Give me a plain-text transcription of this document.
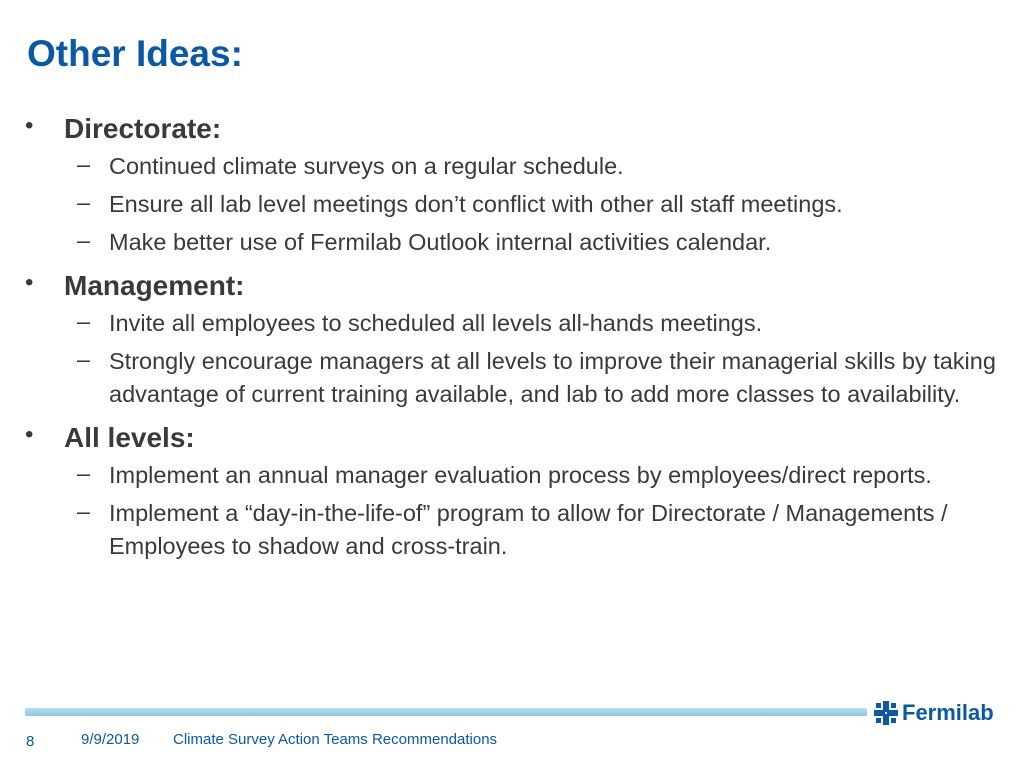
Other Ideas:

• Directorate:

– Continued climate surveys on a regular schedule.

– Ensure all lab level meetings don’t conflict with other all staff meetings.

– Make better use of Fermilab Outlook internal activities calendar.

• Management:

– Invite all employees to scheduled all levels all-hands meetings.

– Strongly encourage managers at all levels to improve their managerial skills by taking advantage of current training available, and lab to add more classes to availability.

• All levels:

– Implement an annual manager evaluation process by employees/direct reports.

– Implement a “day-in-the-life-of” program to allow for Directorate / Managements / Employees to shadow and cross-train.

Fermilab
8	9/9/2019 Climate Survey Action Teams Recommendations
